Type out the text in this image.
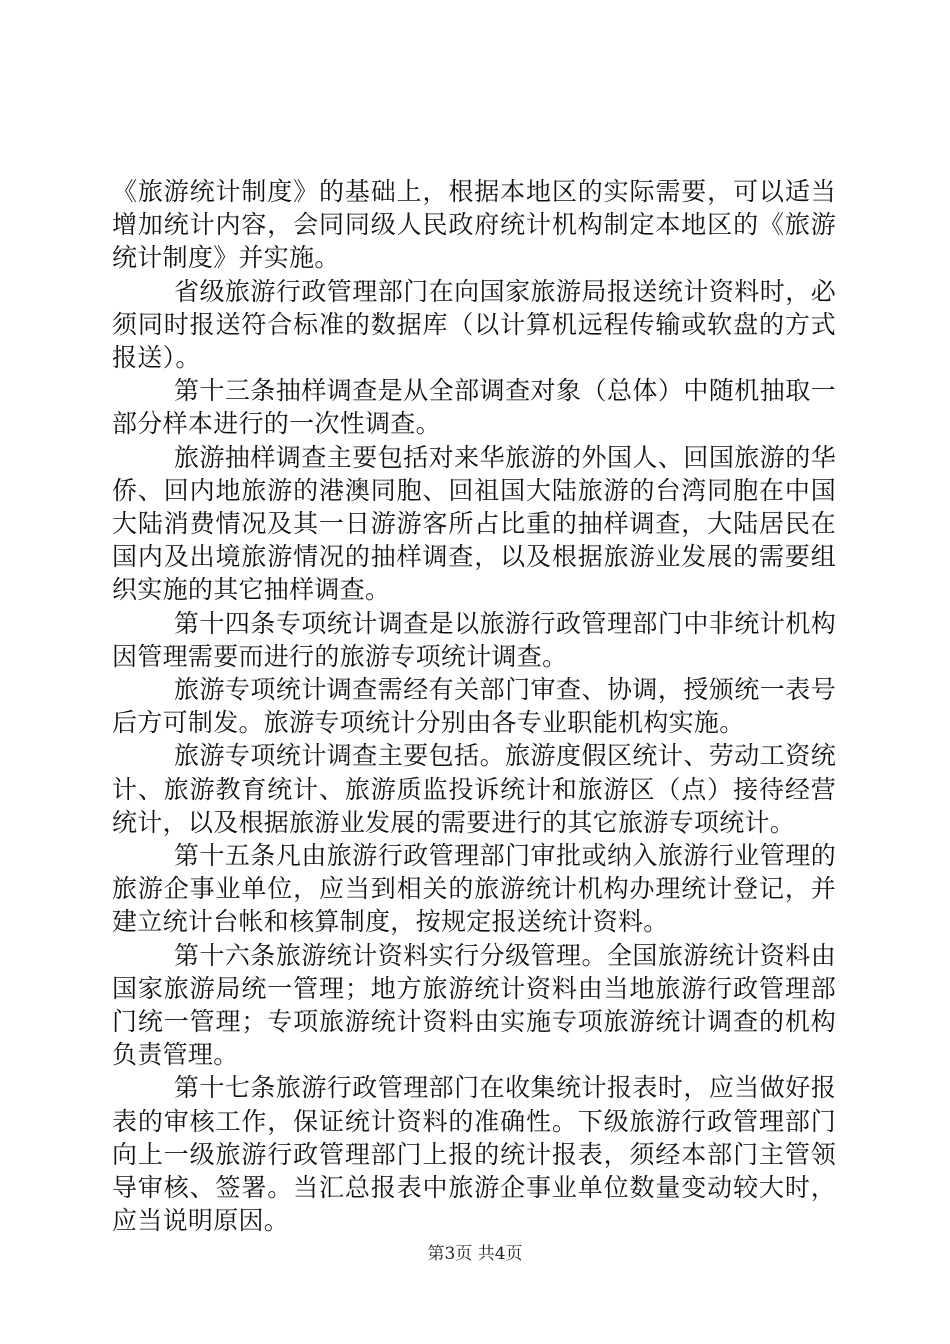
《旅游统计制度》的基础上，根据本地区的实际需要，可以适当增加统计内容，会同同级人民政府统计机构制定本地区的《旅游统计制度》并实施。

省级旅游行政管理部门在向国家旅游局报送统计资料时，必须同时报送符合标准的数据库（以计算机远程传输或软盘的方式报送）。

第十三条抽样调查是从全部调查对象（总体）中随机抽取一部分样本进行的一次性调查。

旅游抽样调查主要包括对来华旅游的外国人、回国旅游的华侨、回内地旅游的港澳同胞、回祖国大陆旅游的台湾同胞在中国大陆消费情况及其一日游游客所占比重的抽样调查，大陆居民在国内及出境旅游情况的抽样调查，以及根据旅游业发展的需要组织实施的其它抽样调查。

第十四条专项统计调查是以旅游行政管理部门中非统计机构因管理需要而进行的旅游专项统计调查。

旅游专项统计调查需经有关部门审查、协调，授颁统一表号后方可制发。旅游专项统计分别由各专业职能机构实施。

旅游专项统计调查主要包括。旅游度假区统计、劳动工资统计、旅游教育统计、旅游质监投诉统计和旅游区（点）接待经营统计，以及根据旅游业发展的需要进行的其它旅游专项统计。

第十五条凡由旅游行政管理部门审批或纳入旅游行业管理的旅游企事业单位，应当到相关的旅游统计机构办理统计登记，并建立统计台帐和核算制度，按规定报送统计资料。

第十六条旅游统计资料实行分级管理。全国旅游统计资料由国家旅游局统一管理；地方旅游统计资料由当地旅游行政管理部门统一管理；专项旅游统计资料由实施专项旅游统计调查的机构负责管理。

第十七条旅游行政管理部门在收集统计报表时，应当做好报表的审核工作，保证统计资料的准确性。下级旅游行政管理部门向上一级旅游行政管理部门上报的统计报表，须经本部门主管领导审核、签署。当汇总报表中旅游企事业单位数量变动较大时，应当说明原因。

第3页 共4页
